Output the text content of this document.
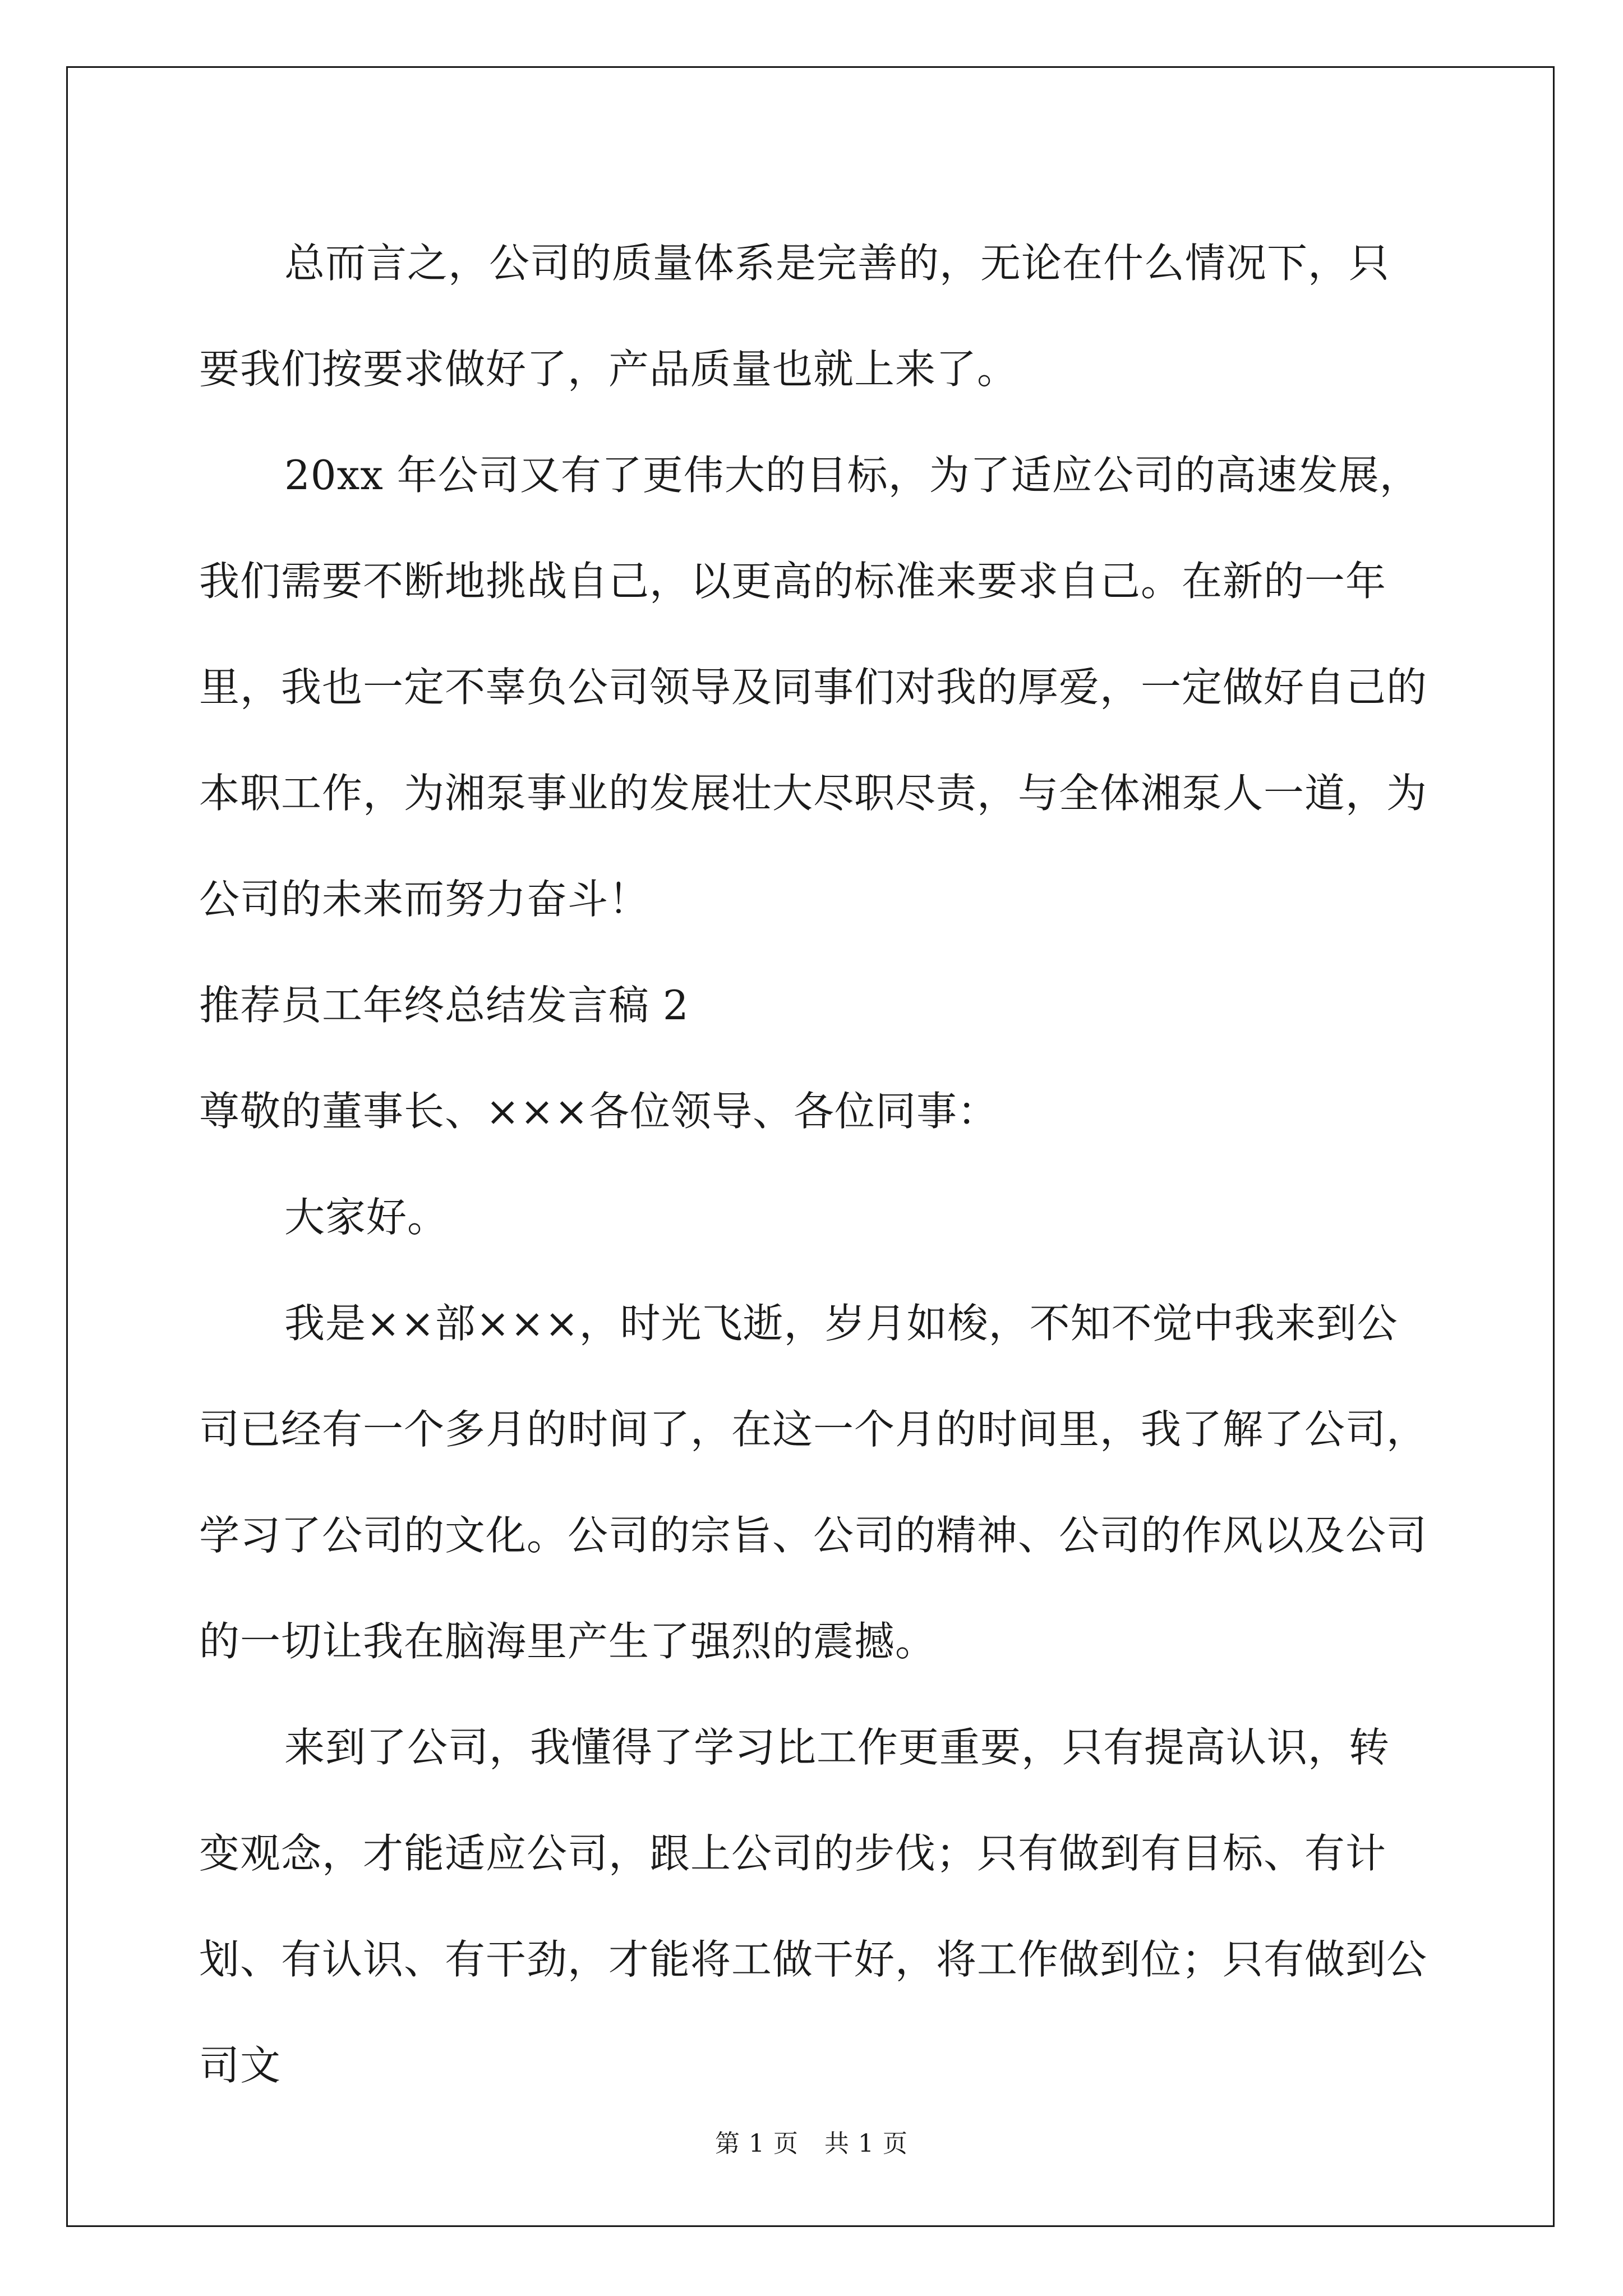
总而言之，公司的质量体系是完善的，无论在什么情况下，只要我们按要求做好了，产品质量也就上来了。

20xx 年公司又有了更伟大的目标，为了适应公司的高速发展，我们需要不断地挑战自己，以更高的标准来要求自己。在新的一年里，我也一定不辜负公司领导及同事们对我的厚爱，一定做好自己的本职工作，为湘泵事业的发展壮大尽职尽责，与全体湘泵人一道，为公司的未来而努力奋斗！

推荐员工年终总结发言稿 2

尊敬的董事长、×××各位领导、各位同事：

大家好。

我是××部×××，时光飞逝，岁月如梭，不知不觉中我来到公司已经有一个多月的时间了，在这一个月的时间里，我了解了公司，学习了公司的文化。公司的宗旨、公司的精神、公司的作风以及公司的一切让我在脑海里产生了强烈的震撼。

来到了公司，我懂得了学习比工作更重要，只有提高认识，转变观念，才能适应公司，跟上公司的步伐；只有做到有目标、有计划、有认识、有干劲，才能将工做干好，将工作做到位；只有做到公司文

第 1 页 共 1 页
